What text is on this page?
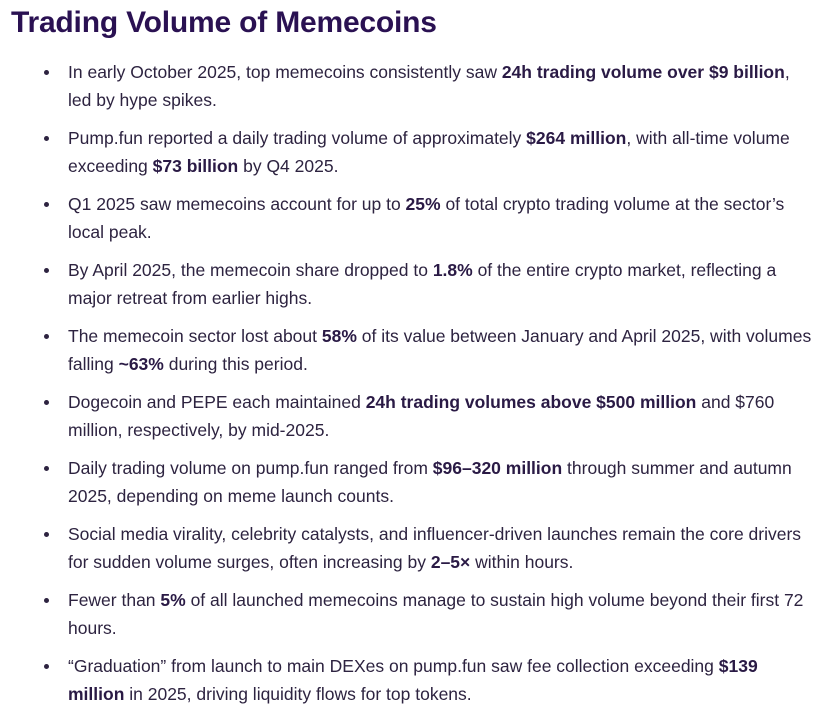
Trading Volume of Memecoins
In early October 2025, top memecoins consistently saw 24h trading volume over $9 billion, led by hype spikes.
Pump.fun reported a daily trading volume of approximately $264 million, with all-time volume exceeding $73 billion by Q4 2025.
Q1 2025 saw memecoins account for up to 25% of total crypto trading volume at the sector’s local peak.
By April 2025, the memecoin share dropped to 1.8% of the entire crypto market, reflecting a major retreat from earlier highs.
The memecoin sector lost about 58% of its value between January and April 2025, with volumes falling ~63% during this period.
Dogecoin and PEPE each maintained 24h trading volumes above $500 million and $760 million, respectively, by mid-2025.
Daily trading volume on pump.fun ranged from $96–320 million through summer and autumn 2025, depending on meme launch counts.
Social media virality, celebrity catalysts, and influencer-driven launches remain the core drivers for sudden volume surges, often increasing by 2–5× within hours.
Fewer than 5% of all launched memecoins manage to sustain high volume beyond their first 72 hours.
“Graduation” from launch to main DEXes on pump.fun saw fee collection exceeding $139 million in 2025, driving liquidity flows for top tokens.
